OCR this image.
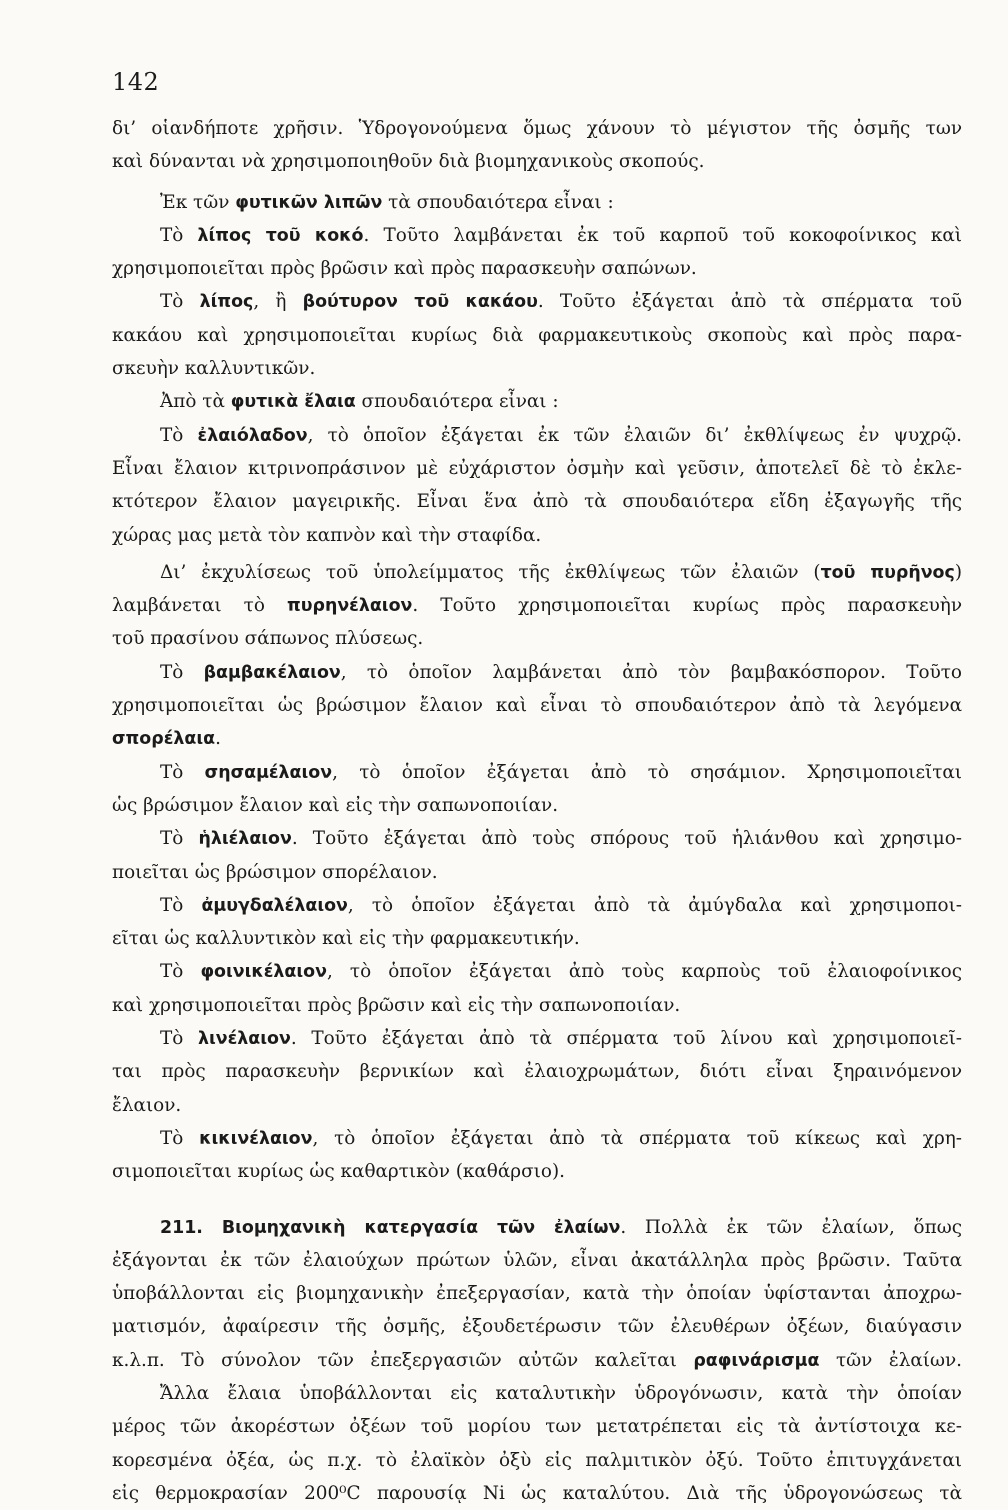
142
δι’ οἱανδήποτε χρῆσιν. Ὑδρογονούμενα ὅμως χάνουν τὸ μέγιστον τῆς ὀσμῆς των
καὶ δύνανται νὰ χρησιμοποιηθοῦν διὰ βιομηχανικοὺς σκοπούς.
Ἐκ τῶν φυτικῶν λιπῶν τὰ σπουδαιότερα εἶναι :
Τὸ λίπος τοῦ κοκό. Τοῦτο λαμβάνεται ἐκ τοῦ καρποῦ τοῦ κοκοφοίνικος καὶ
χρησιμοποιεῖται πρὸς βρῶσιν καὶ πρὸς παρασκευὴν σαπώνων.
Τὸ λίπος, ἢ βούτυρον τοῦ κακάου. Τοῦτο ἐξάγεται ἀπὸ τὰ σπέρματα τοῦ
κακάου καὶ χρησιμοποιεῖται κυρίως διὰ φαρμακευτικοὺς σκοποὺς καὶ πρὸς παρα-
σκευὴν καλλυντικῶν.
Ἀπὸ τὰ φυτικὰ ἔλαια σπουδαιότερα εἶναι :
Τὸ ἐλαιόλαδον, τὸ ὁποῖον ἐξάγεται ἐκ τῶν ἐλαιῶν δι’ ἐκθλίψεως ἐν ψυχρῷ.
Εἶναι ἔλαιον κιτρινοπράσινον μὲ εὐχάριστον ὀσμὴν καὶ γεῦσιν, ἀποτελεῖ δὲ τὸ ἐκλε-
κτότερον ἔλαιον μαγειρικῆς. Εἶναι ἕνα ἀπὸ τὰ σπουδαιότερα εἴδη ἐξαγωγῆς τῆς
χώρας μας μετὰ τὸν καπνὸν καὶ τὴν σταφίδα.
Δι’ ἐκχυλίσεως τοῦ ὑπολείμματος τῆς ἐκθλίψεως τῶν ἐλαιῶν (τοῦ πυρῆνος)
λαμβάνεται τὸ πυρηνέλαιον. Τοῦτο χρησιμοποιεῖται κυρίως πρὸς παρασκευὴν
τοῦ πρασίνου σάπωνος πλύσεως.
Τὸ βαμβακέλαιον, τὸ ὁποῖον λαμβάνεται ἀπὸ τὸν βαμβακόσπορον. Τοῦτο
χρησιμοποιεῖται ὡς βρώσιμον ἔλαιον καὶ εἶναι τὸ σπουδαιότερον ἀπὸ τὰ λεγόμενα
σπορέλαια.
Τὸ σησαμέλαιον, τὸ ὁποῖον ἐξάγεται ἀπὸ τὸ σησάμιον. Χρησιμοποιεῖται
ὡς βρώσιμον ἔλαιον καὶ εἰς τὴν σαπωνοποιίαν.
Τὸ ἡλιέλαιον. Τοῦτο ἐξάγεται ἀπὸ τοὺς σπόρους τοῦ ἡλιάνθου καὶ χρησιμο-
ποιεῖται ὡς βρώσιμον σπορέλαιον.
Τὸ ἀμυγδαλέλαιον, τὸ ὁποῖον ἐξάγεται ἀπὸ τὰ ἀμύγδαλα καὶ χρησιμοποι-
εῖται ὡς καλλυντικὸν καὶ εἰς τὴν φαρμακευτικήν.
Τὸ φοινικέλαιον, τὸ ὁποῖον ἐξάγεται ἀπὸ τοὺς καρποὺς τοῦ ἐλαιοφοίνικος
καὶ χρησιμοποιεῖται πρὸς βρῶσιν καὶ εἰς τὴν σαπωνοποιίαν.
Τὸ λινέλαιον. Τοῦτο ἐξάγεται ἀπὸ τὰ σπέρματα τοῦ λίνου καὶ χρησιμοποιεῖ-
ται πρὸς παρασκευὴν βερνικίων καὶ ἐλαιοχρωμάτων, διότι εἶναι ξηραινόμενον
ἔλαιον.
Τὸ κικινέλαιον, τὸ ὁποῖον ἐξάγεται ἀπὸ τὰ σπέρματα τοῦ κίκεως καὶ χρη-
σιμοποιεῖται κυρίως ὡς καθαρτικὸν (καθάρσιο).
211. Βιομηχανικὴ κατεργασία τῶν ἐλαίων. Πολλὰ ἐκ τῶν ἐλαίων, ὅπως
ἐξάγονται ἐκ τῶν ἐλαιούχων πρώτων ὑλῶν, εἶναι ἀκατάλληλα πρὸς βρῶσιν. Ταῦτα
ὑποβάλλονται εἰς βιομηχανικὴν ἐπεξεργασίαν, κατὰ τὴν ὁποίαν ὑφίστανται ἀποχρω-
ματισμόν, ἀφαίρεσιν τῆς ὀσμῆς, ἐξουδετέρωσιν τῶν ἐλευθέρων ὀξέων, διαύγασιν
κ.λ.π. Τὸ σύνολον τῶν ἐπεξεργασιῶν αὐτῶν καλεῖται ραφινάρισμα τῶν ἐλαίων.
Ἄλλα ἔλαια ὑποβάλλονται εἰς καταλυτικὴν ὑδρογόνωσιν, κατὰ τὴν ὁποίαν
μέρος τῶν ἀκορέστων ὀξέων τοῦ μορίου των μετατρέπεται εἰς τὰ ἀντίστοιχα κε-
κορεσμένα ὀξέα, ὡς π.χ. τὸ ἐλαϊκὸν ὀξὺ εἰς παλμιτικὸν ὀξύ. Τοῦτο ἐπιτυγχάνεται
εἰς θερμοκρασίαν 200⁰C παρουσίᾳ Ni ὡς καταλύτου. Διὰ τῆς ὑδρογονώσεως τὰ
